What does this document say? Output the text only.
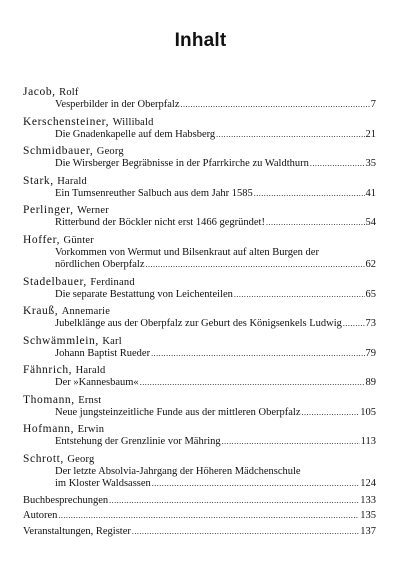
Inhalt
Jacob, Rolf
Vesperbilder in der Oberpfalz .....	7
Kerschensteiner, Willibald
Die Gnadenkapelle auf dem Habsberg .....	21
Schmidbauer, Georg
Die Wirsberger Begräbnisse in der Pfarrkirche zu Waldthurn .....	35
Stark, Harald
Ein Tumsenreuther Salbuch aus dem Jahr 1585 .....	41
Perlinger, Werner
Ritterbund der Böckler nicht erst 1466 gegründet! .....	54
Hoffer, Günter
Vorkommen von Wermut und Bilsenkraut auf alten Burgen der
nördlichen Oberpfalz .....	62
Stadelbauer, Ferdinand
Die separate Bestattung von Leichenteilen .....	65
Krauß, Annemarie
Jubelklänge aus der Oberpfalz zur Geburt des Königsenkels Ludwig ..... 73
Schwämmlein, Karl
Johann Baptist Rueder .....	79
Fähnrich, Harald
Der »Kannesbaum« .....	89
Thomann, Ernst
Neue jungsteinzeitliche Funde aus der mittleren Oberpfalz .....	105
Hofmann, Erwin
Entstehung der Grenzlinie vor Mähring .....	113
Schrott, Georg
Der letzte Absolvia-Jahrgang der Höheren Mädchenschule
im Kloster Waldsassen .....	124
Buchbesprechungen .....	133
Autoren .....	135
Veranstaltungen, Register .....	137
